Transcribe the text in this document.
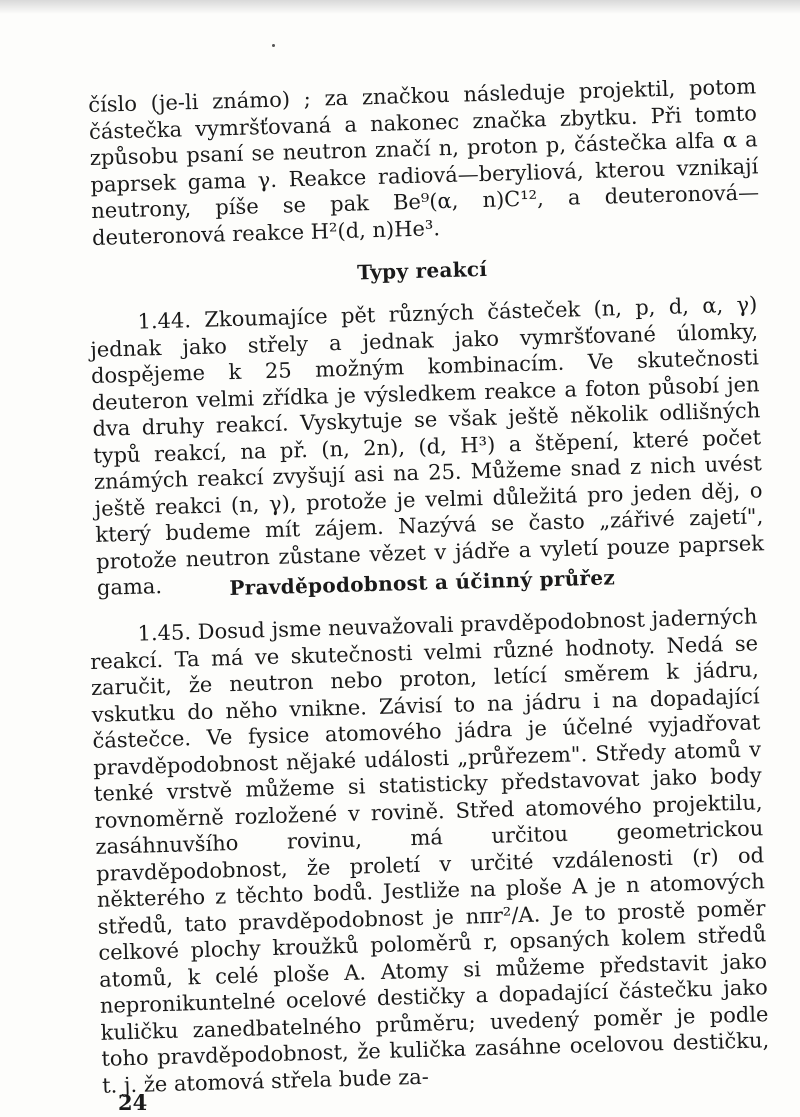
číslo (je-li známo) ; za značkou následuje projektil, potom částečka vymršťovaná a nakonec značka zbytku. Při tomto způsobu psaní se neutron značí n, proton p, částečka alfa α a paprsek gama γ. Reakce radiová—beryliová, kterou vznikají neutrony, píše se pak Be⁹(α, n)C¹², a deuteronová—deuteronová reakce H²(d, n)He³.

Typy reakcí

1.44. Zkoumajíce pět různých částeček (n, p, d, α, γ) jednak jako střely a jednak jako vymršťované úlomky, dospějeme k 25 možným kombinacím. Ve skutečnosti deuteron velmi zřídka je výsledkem reakce a foton působí jen dva druhy reakcí. Vyskytuje se však ještě několik odlišných typů reakcí, na př. (n, 2n), (d, H³) a štěpení, které počet známých reakcí zvyšují asi na 25. Můžeme snad z nich uvést ještě reakci (n, γ), protože je velmi důležitá pro jeden děj, o který budeme mít zájem. Nazývá se často „zářivé zajetí", protože neutron zůstane vězet v jádře a vyletí pouze paprsek gama.	Pravděpodobnost a účinný průřez

1.45. Dosud jsme neuvažovali pravděpodobnost jaderných reakcí. Ta má ve skutečnosti velmi různé hodnoty. Nedá se zaručit, že neutron nebo proton, letící směrem k jádru, vskutku do něho vnikne. Závisí to na jádru i na dopadající částečce. Ve fysice atomového jádra je účelné vyjadřovat pravděpodobnost nějaké události „průřezem". Středy atomů v tenké vrstvě můžeme si statisticky představovat jako body rovnoměrně rozložené v rovině. Střed atomového projektilu, zasáhnuvšího rovinu, má určitou geometrickou pravděpodobnost, že proletí v určité vzdálenosti (r) od některého z těchto bodů. Jestliže na ploše A je n atomových středů, tato pravděpodobnost je nπr²/A. Je to prostě poměr celkové plochy kroužků poloměrů r, opsaných kolem středů atomů, k celé ploše A. Atomy si můžeme představit jako nepronikuntelné ocelové destičky a dopadající částečku jako kuličku zanedbatelného průměru; uvedený poměr je podle toho pravděpodobnost, že kulička zasáhne ocelovou destičku, t. j. že atomová střela bude za-

24
